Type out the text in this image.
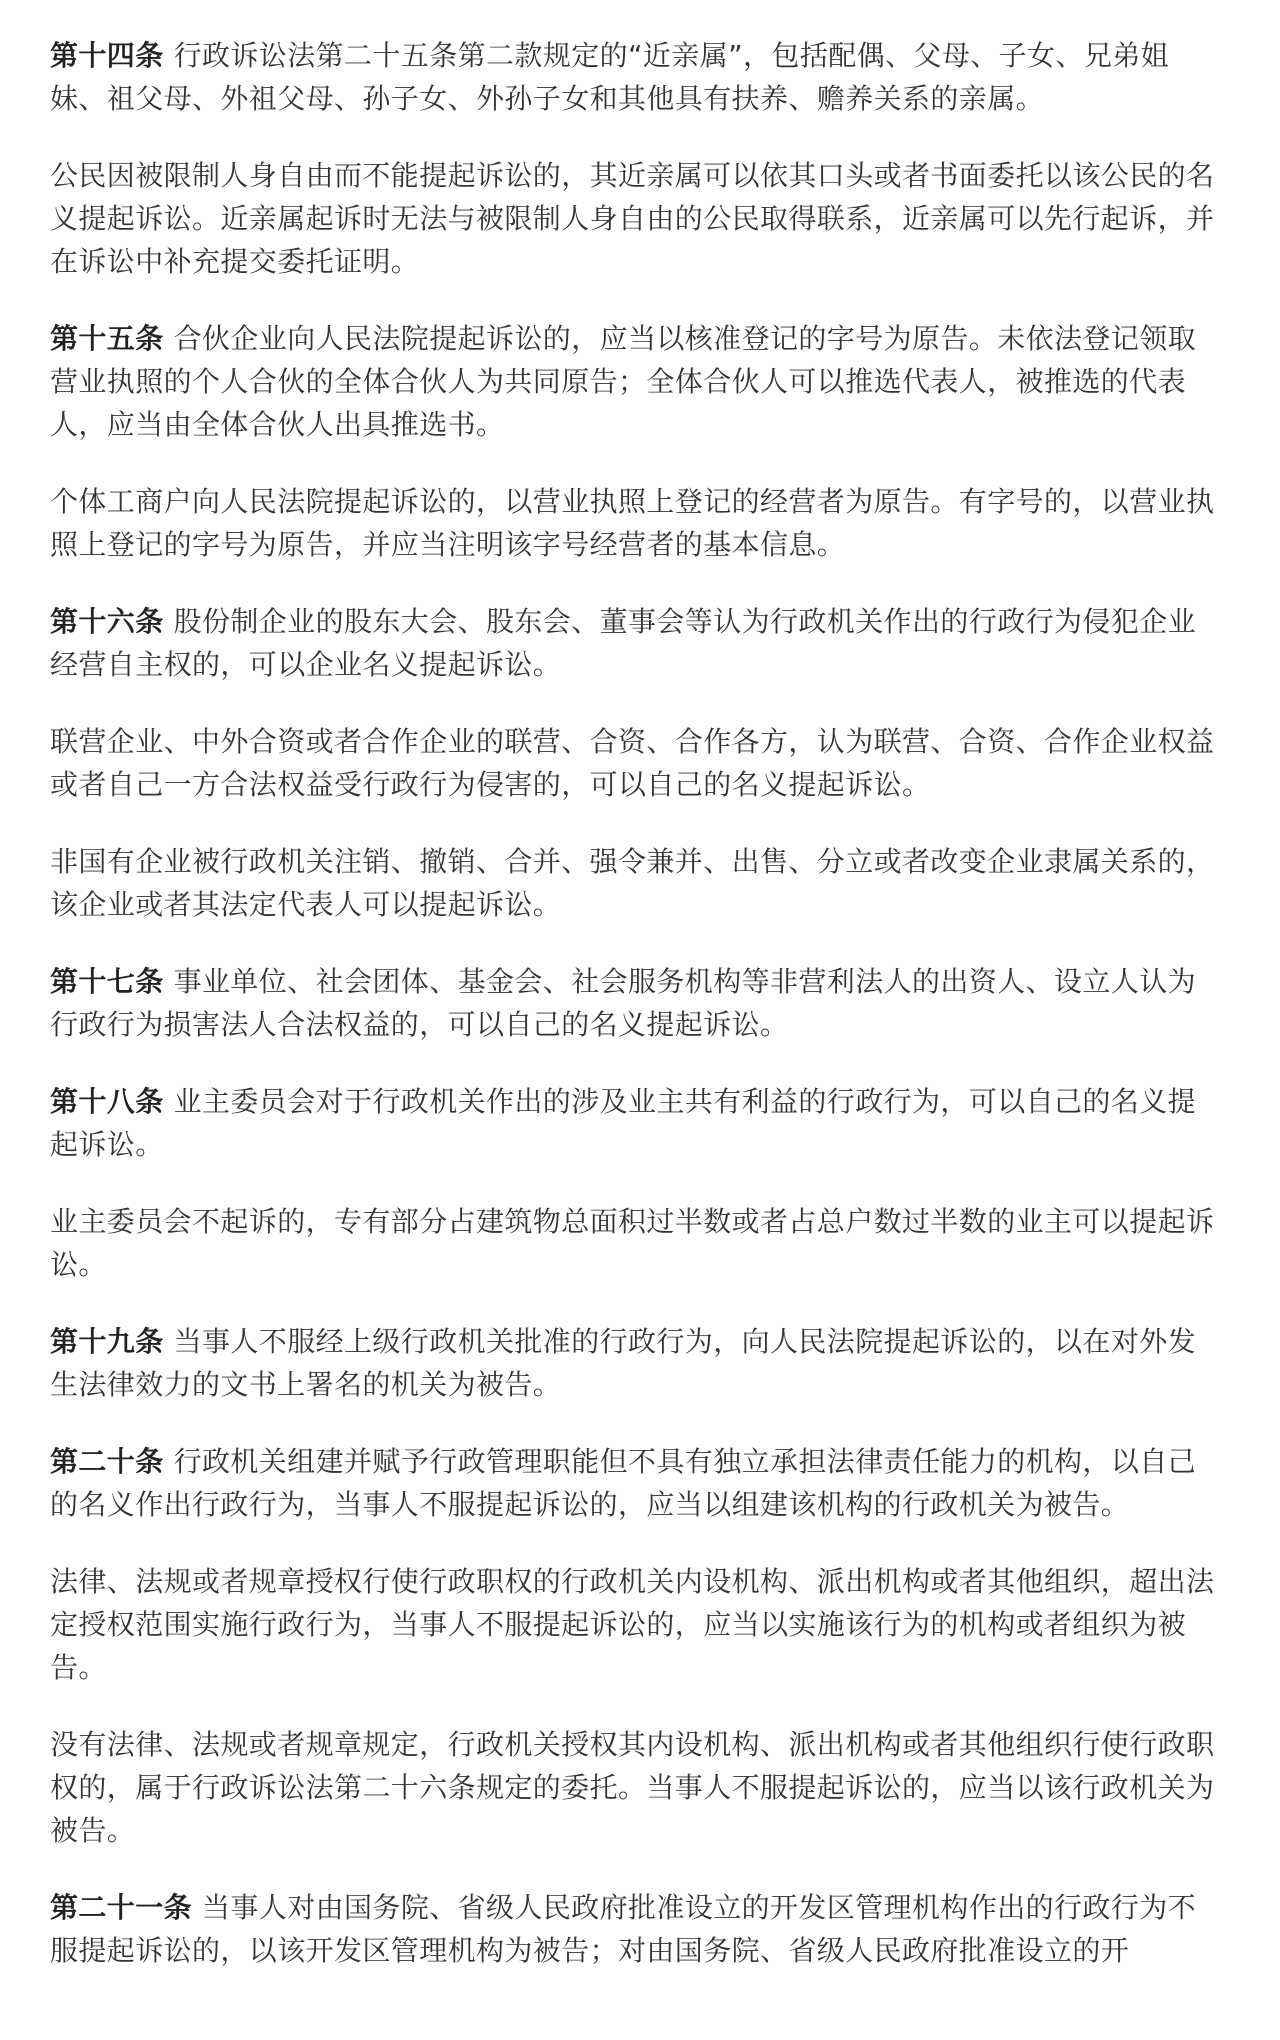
第十四条 行政诉讼法第二十五条第二款规定的“近亲属”，包括配偶、父母、子女、兄弟姐妹、祖父母、外祖父母、孙子女、外孙子女和其他具有扶养、赡养关系的亲属。

公民因被限制人身自由而不能提起诉讼的，其近亲属可以依其口头或者书面委托以该公民的名义提起诉讼。近亲属起诉时无法与被限制人身自由的公民取得联系，近亲属可以先行起诉，并在诉讼中补充提交委托证明。

第十五条 合伙企业向人民法院提起诉讼的，应当以核准登记的字号为原告。未依法登记领取营业执照的个人合伙的全体合伙人为共同原告；全体合伙人可以推选代表人，被推选的代表人，应当由全体合伙人出具推选书。

个体工商户向人民法院提起诉讼的，以营业执照上登记的经营者为原告。有字号的，以营业执照上登记的字号为原告，并应当注明该字号经营者的基本信息。

第十六条 股份制企业的股东大会、股东会、董事会等认为行政机关作出的行政行为侵犯企业经营自主权的，可以企业名义提起诉讼。

联营企业、中外合资或者合作企业的联营、合资、合作各方，认为联营、合资、合作企业权益或者自己一方合法权益受行政行为侵害的，可以自己的名义提起诉讼。

非国有企业被行政机关注销、撤销、合并、强令兼并、出售、分立或者改变企业隶属关系的，该企业或者其法定代表人可以提起诉讼。

第十七条 事业单位、社会团体、基金会、社会服务机构等非营利法人的出资人、设立人认为行政行为损害法人合法权益的，可以自己的名义提起诉讼。

第十八条 业主委员会对于行政机关作出的涉及业主共有利益的行政行为，可以自己的名义提起诉讼。

业主委员会不起诉的，专有部分占建筑物总面积过半数或者占总户数过半数的业主可以提起诉讼。

第十九条 当事人不服经上级行政机关批准的行政行为，向人民法院提起诉讼的，以在对外发生法律效力的文书上署名的机关为被告。

第二十条 行政机关组建并赋予行政管理职能但不具有独立承担法律责任能力的机构，以自己的名义作出行政行为，当事人不服提起诉讼的，应当以组建该机构的行政机关为被告。

法律、法规或者规章授权行使行政职权的行政机关内设机构、派出机构或者其他组织，超出法定授权范围实施行政行为，当事人不服提起诉讼的，应当以实施该行为的机构或者组织为被告。

没有法律、法规或者规章规定，行政机关授权其内设机构、派出机构或者其他组织行使行政职权的，属于行政诉讼法第二十六条规定的委托。当事人不服提起诉讼的，应当以该行政机关为被告。

第二十一条 当事人对由国务院、省级人民政府批准设立的开发区管理机构作出的行政行为不服提起诉讼的，以该开发区管理机构为被告；对由国务院、省级人民政府批准设立的开
